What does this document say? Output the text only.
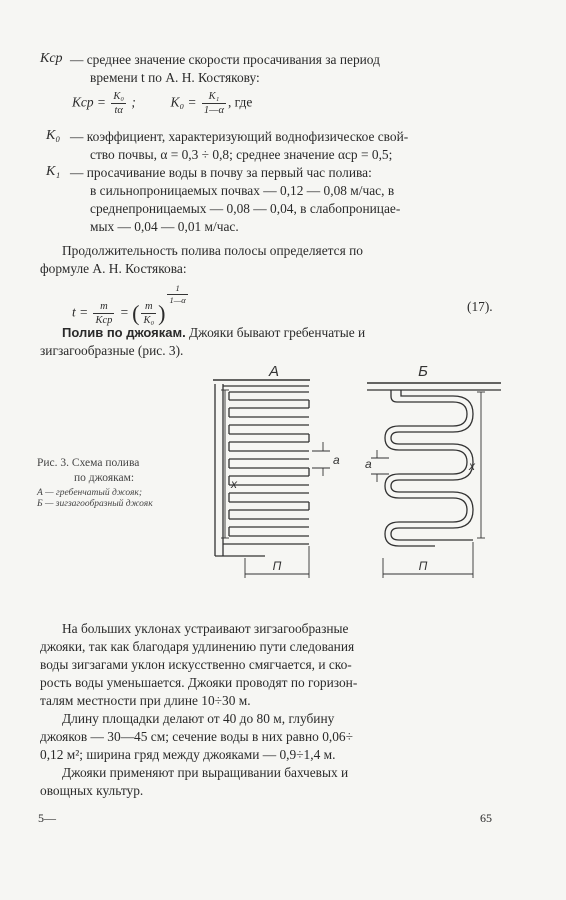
Kср — среднее значение скорости просачивания за период
времени t по А. Н. Костякову:
Kср = $\frac{\text{K₀}}{t\alpha}$ ;	$K_0 = \frac{\text{K₁}}{1—\alpha}$ , где
K₀ — коэффициент, характеризующий воднофизическое свой-
ство почвы, α = 0,3 ÷ 0,8; среднее значение αср = 0,5;
K₁ — просачивание воды в почву за первый час полива:
в сильнопроницаемых почвах — 0,12 — 0,08 м/час, в
среднепроницаемых — 0,08 — 0,04, в слабопроницае-
мых — 0,04 — 0,01 м/час.
Продолжительность полива полосы определяется по
формуле А. Н. Костякова:
$t = \frac{m}{\text{Kср}}$ = ( $\frac{m}{\text{K₀}}$ )
$\frac{1}{1—\alpha}$
(17).
Полив по джоякам. Джояки бывают гребенчатые и
зигзагообразные (рис. 3).
Рис. 3. Схема полива
по джоякам:
А — гребенчатый джояк;
Б — зигзагообразный джояк
А
a
x
П
Б
a	x
П
На больших уклонах устраивают зигзагообразные
джояки, так как благодаря удлинению пути следования
воды зигзагами уклон искусственно смягчается, и ско-
рость воды уменьшается. Джояки проводят по горизон-
талям местности при длине 10÷30 м.
Длину площадки делают от 40 до 80 м, глубину
джояков — 30—45 см; сечение воды в них равно 0,06÷
0,12 м²; ширина гряд между джояками — 0,9÷1,4 м.
Джояки применяют при выращивании бахчевых и
овощных культур.
5—	65
